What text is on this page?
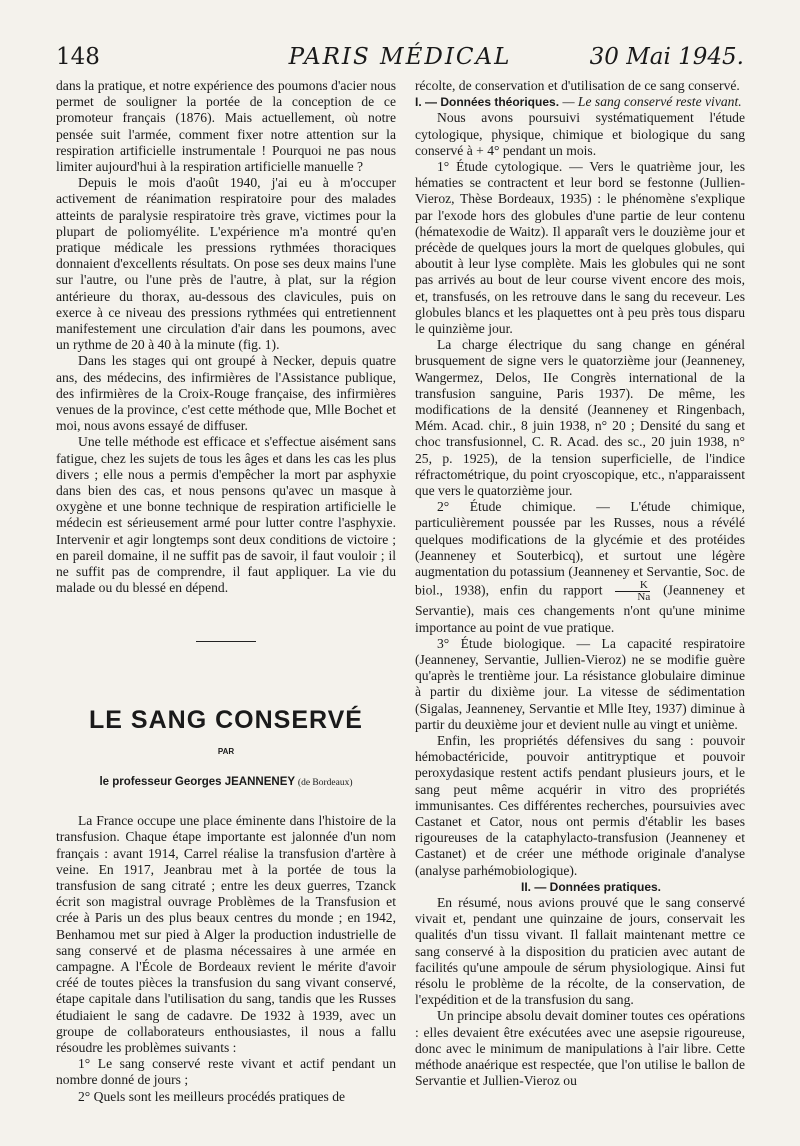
148	PARIS MÉDICAL	30 Mai 1945.

dans la pratique, et notre expérience des poumons d'acier nous permet de souligner la portée de la conception de ce promoteur français (1876). Mais actuellement, où notre pensée suit l'armée, comment fixer notre attention sur la respiration artificielle instrumentale ! Pourquoi ne pas nous limiter aujourd'hui à la respiration artificielle manuelle ?

Depuis le mois d'août 1940, j'ai eu à m'occuper activement de réanimation respiratoire pour des malades atteints de paralysie respiratoire très grave, victimes pour la plupart de poliomyélite. L'expérience m'a montré qu'en pratique médicale les pressions rythmées thoraciques donnaient d'excellents résultats. On pose ses deux mains l'une sur l'autre, ou l'une près de l'autre, à plat, sur la région antérieure du thorax, au-dessous des clavicules, puis on exerce à ce niveau des pressions rythmées qui entretiennent manifestement une circulation d'air dans les poumons, avec un rythme de 20 à 40 à la minute (fig. 1).

Dans les stages qui ont groupé à Necker, depuis quatre ans, des médecins, des infirmières de l'Assistance publique, des infirmières de la Croix-Rouge française, des infirmières venues de la province, c'est cette méthode que, Mlle Bochet et moi, nous avons essayé de diffuser.

Une telle méthode est efficace et s'effectue aisément sans fatigue, chez les sujets de tous les âges et dans les cas les plus divers ; elle nous a permis d'empêcher la mort par asphyxie dans bien des cas, et nous pensons qu'avec un masque à oxygène et une bonne technique de respiration artificielle le médecin est sérieusement armé pour lutter contre l'asphyxie. Intervenir et agir longtemps sont deux conditions de victoire ; en pareil domaine, il ne suffit pas de savoir, il faut vouloir ; il ne suffit pas de comprendre, il faut appliquer. La vie du malade ou du blessé en dépend.

LE SANG CONSERVÉ
PAR
le professeur Georges JEANNENEY (de Bordeaux)

La France occupe une place éminente dans l'histoire de la transfusion. Chaque étape importante est jalonnée d'un nom français : avant 1914, Carrel réalise la transfusion d'artère à veine. En 1917, Jeanbrau met à la portée de tous la transfusion de sang citraté ; entre les deux guerres, Tzanck écrit son magistral ouvrage Problèmes de la Transfusion et crée à Paris un des plus beaux centres du monde ; en 1942, Benhamou met sur pied à Alger la production industrielle de sang conservé et de plasma nécessaires à une armée en campagne. A l'École de Bordeaux revient le mérite d'avoir créé de toutes pièces la transfusion du sang vivant conservé, étape capitale dans l'utilisation du sang, tandis que les Russes étudiaient le sang de cadavre. De 1932 à 1939, avec un groupe de collaborateurs enthousiastes, il nous a fallu résoudre les problèmes suivants :

1° Le sang conservé reste vivant et actif pendant un nombre donné de jours ;

2° Quels sont les meilleurs procédés pratiques de

récolte, de conservation et d'utilisation de ce sang conservé.

I. — Données théoriques. — Le sang conservé reste vivant.

Nous avons poursuivi systématiquement l'étude cytologique, physique, chimique et biologique du sang conservé à + 4° pendant un mois.

1° Étude cytologique. — Vers le quatrième jour, les hématies se contractent et leur bord se festonne (Jullien-Vieroz, Thèse Bordeaux, 1935) : le phénomène s'explique par l'exode hors des globules d'une partie de leur contenu (hématexodie de Waitz). Il apparaît vers le douzième jour et précède de quelques jours la mort de quelques globules, qui aboutit à leur lyse complète. Mais les globules qui ne sont pas arrivés au bout de leur course vivent encore des mois, et, transfusés, on les retrouve dans le sang du receveur. Les globules blancs et les plaquettes ont à peu près tous disparu le quinzième jour.

La charge électrique du sang change en général brusquement de signe vers le quatorzième jour (Jeanneney, Wangermez, Delos, IIe Congrès international de la transfusion sanguine, Paris 1937). De même, les modifications de la densité (Jeanneney et Ringenbach, Mém. Acad. chir., 8 juin 1938, n° 20 ; Densité du sang et choc transfusionnel, C. R. Acad. des sc., 20 juin 1938, n° 25, p. 1925), de la tension superficielle, de l'indice réfractométrique, du point cryoscopique, etc., n'apparaissent que vers le quatorzième jour.

2° Étude chimique. — L'étude chimique, particulièrement poussée par les Russes, nous a révélé quelques modifications de la glycémie et des protéides (Jeanneney et Souterbicq), et surtout une légère augmentation du potassium (Jeanneney et Servantie, Soc. de biol., 1938), enfin du rapport $\frac{K}{Na}$ (Jeanneney et Servantie), mais ces changements n'ont qu'une minime importance au point de vue pratique.

3° Étude biologique. — La capacité respiratoire (Jeanneney, Servantie, Jullien-Vieroz) ne se modifie guère qu'après le trentième jour. La résistance globulaire diminue à partir du dixième jour. La vitesse de sédimentation (Sigalas, Jeanneney, Servantie et Mlle Itey, 1937) diminue à partir du deuxième jour et devient nulle au vingt et unième.

Enfin, les propriétés défensives du sang : pouvoir hémobactéricide, pouvoir antitryptique et pouvoir peroxydasique restent actifs pendant plusieurs jours, et le sang peut même acquérir in vitro des propriétés immunisantes. Ces différentes recherches, poursuivies avec Castanet et Cator, nous ont permis d'établir les bases rigoureuses de la cataphylacto-transfusion (Jeanneney et Castanet) et de créer une méthode originale d'analyse (analyse parhémobiologique).

II. — Données pratiques.

En résumé, nous avions prouvé que le sang conservé vivait et, pendant une quinzaine de jours, conservait les qualités d'un tissu vivant. Il fallait maintenant mettre ce sang conservé à la disposition du praticien avec autant de facilités qu'une ampoule de sérum physiologique. Ainsi fut résolu le problème de la récolte, de la conservation, de l'expédition et de la transfusion du sang.

Un principe absolu devait dominer toutes ces opérations : elles devaient être exécutées avec une asepsie rigoureuse, donc avec le minimum de manipulations à l'air libre. Cette méthode anaérique est respectée, que l'on utilise le ballon de Servantie et Jullien-Vieroz ou
